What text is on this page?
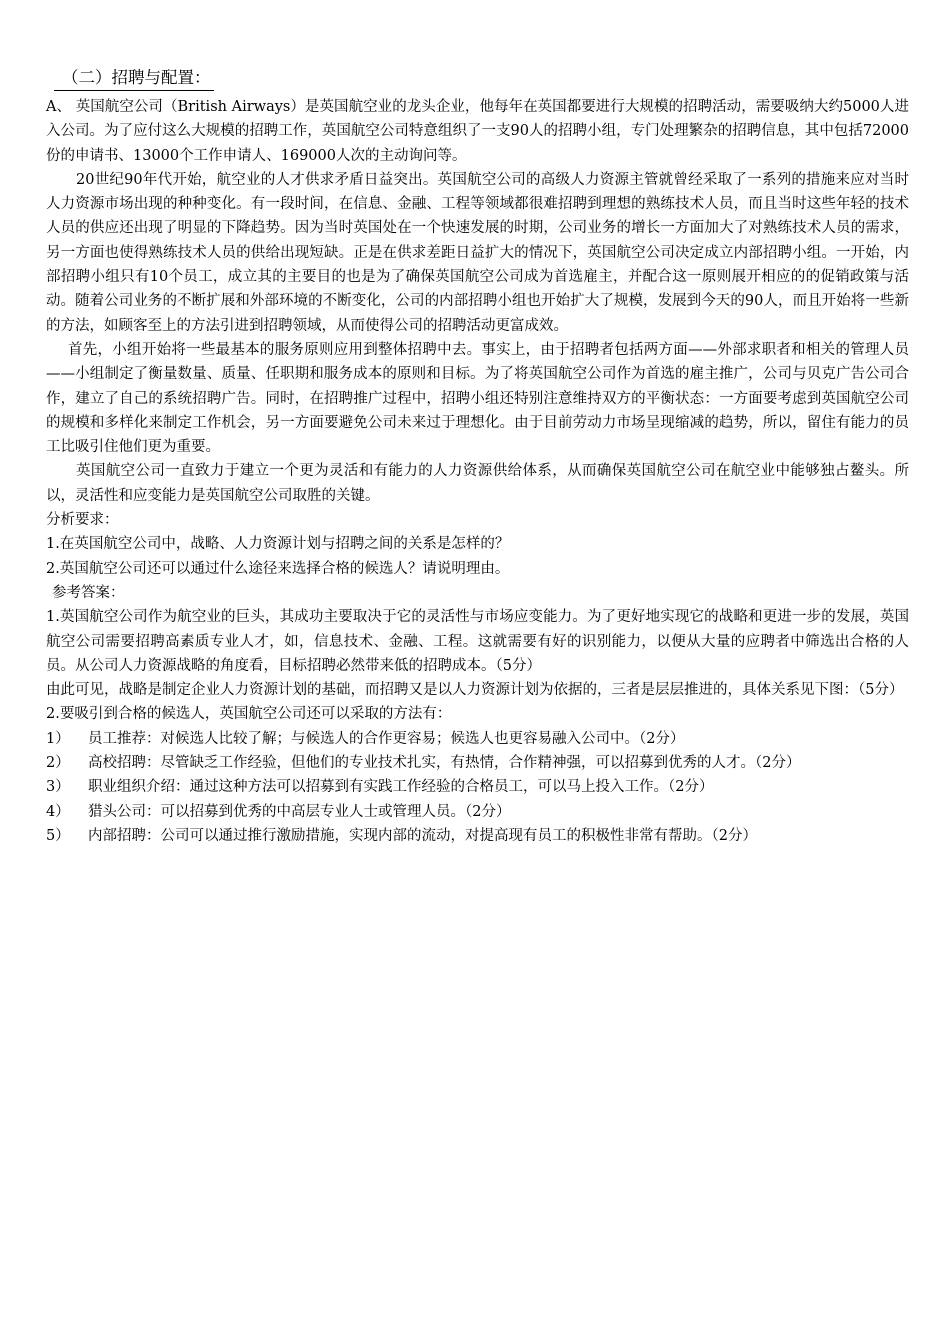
（二）招聘与配置：

A、 英国航空公司（British Airways）是英国航空业的龙头企业，他每年在英国都要进行大规模的招聘活动，需要吸纳大约5000人进入公司。为了应付这么大规模的招聘工作，英国航空公司特意组织了一支90人的招聘小组，专门处理繁杂的招聘信息，其中包括72000份的申请书、13000个工作申请人、169000人次的主动询问等。

20世纪90年代开始，航空业的人才供求矛盾日益突出。英国航空公司的高级人力资源主管就曾经采取了一系列的措施来应对当时人力资源市场出现的种种变化。有一段时间，在信息、金融、工程等领域都很难招聘到理想的熟练技术人员，而且当时这些年轻的技术人员的供应还出现了明显的下降趋势。因为当时英国处在一个快速发展的时期，公司业务的增长一方面加大了对熟练技术人员的需求，另一方面也使得熟练技术人员的供给出现短缺。正是在供求差距日益扩大的情况下，英国航空公司决定成立内部招聘小组。一开始，内部招聘小组只有10个员工，成立其的主要目的也是为了确保英国航空公司成为首选雇主，并配合这一原则展开相应的的促销政策与活动。随着公司业务的不断扩展和外部环境的不断变化，公司的内部招聘小组也开始扩大了规模，发展到今天的90人，而且开始将一些新的方法，如顾客至上的方法引进到招聘领域，从而使得公司的招聘活动更富成效。

首先，小组开始将一些最基本的服务原则应用到整体招聘中去。事实上，由于招聘者包括两方面——外部求职者和相关的管理人员——小组制定了衡量数量、质量、任职期和服务成本的原则和目标。为了将英国航空公司作为首选的雇主推广，公司与贝克广告公司合作，建立了自己的系统招聘广告。同时，在招聘推广过程中，招聘小组还特别注意维持双方的平衡状态：一方面要考虑到英国航空公司的规模和多样化来制定工作机会，另一方面要避免公司未来过于理想化。由于目前劳动力市场呈现缩减的趋势，所以，留住有能力的员工比吸引住他们更为重要。

英国航空公司一直致力于建立一个更为灵活和有能力的人力资源供给体系，从而确保英国航空公司在航空业中能够独占鳌头。所以，灵活性和应变能力是英国航空公司取胜的关键。

分析要求：

1.在英国航空公司中，战略、人力资源计划与招聘之间的关系是怎样的？

2.英国航空公司还可以通过什么途径来选择合格的候选人？请说明理由。

参考答案：

1.英国航空公司作为航空业的巨头，其成功主要取决于它的灵活性与市场应变能力。为了更好地实现它的战略和更进一步的发展，英国航空公司需要招聘高素质专业人才，如，信息技术、金融、工程。这就需要有好的识别能力，以便从大量的应聘者中筛选出合格的人员。从公司人力资源战略的角度看，目标招聘必然带来低的招聘成本。（5分）

由此可见，战略是制定企业人力资源计划的基础，而招聘又是以人力资源计划为依据的，三者是层层推进的，具体关系见下图：（5分）

2.要吸引到合格的候选人，英国航空公司还可以采取的方法有：

1）	员工推荐：对候选人比较了解；与候选人的合作更容易；候选人也更容易融入公司中。（2分）
2）	高校招聘：尽管缺乏工作经验，但他们的专业技术扎实，有热情，合作精神强，可以招募到优秀的人才。（2分）
3）	职业组织介绍：通过这种方法可以招募到有实践工作经验的合格员工，可以马上投入工作。（2分）
4）	猎头公司：可以招募到优秀的中高层专业人士或管理人员。（2分）
5）	内部招聘：公司可以通过推行激励措施，实现内部的流动，对提高现有员工的积极性非常有帮助。（2分）
